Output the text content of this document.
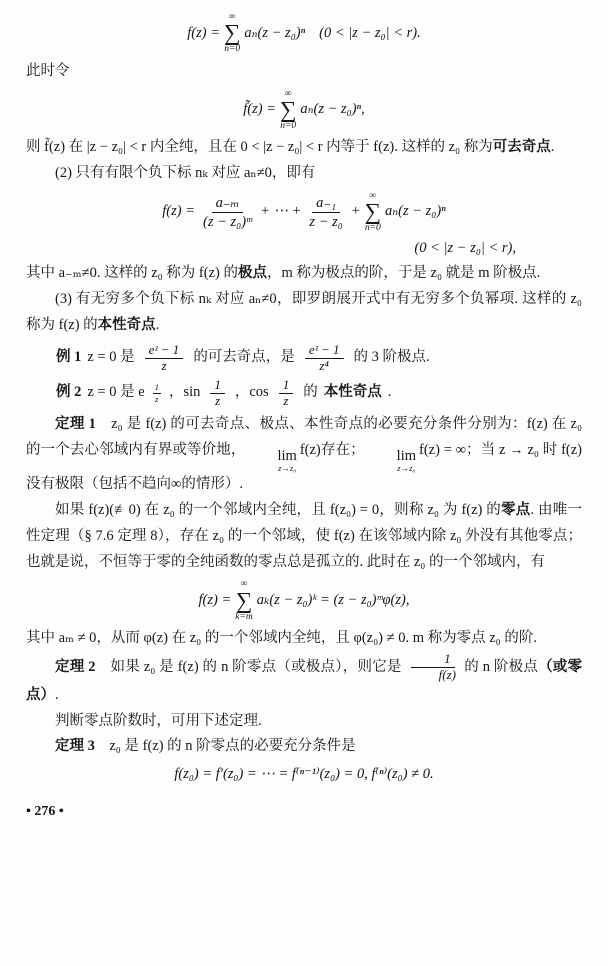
f(z) =
∞
∑
n=0
aₙ(z − z₀)ⁿ (0 < |z − z₀| < r).

此时令

f̃(z) =
∞
∑
n=0
aₙ(z − z₀)ⁿ,

则 f̃(z) 在 |z − z₀| < r 内全纯，且在 0 < |z − z₀| < r 内等于 f(z). 这样的 z₀ 称为可去奇点.

(2) 只有有限个负下标 nₖ 对应 aₙ≠0，即有

$f(z) = \frac{\text{a₋ₘ}}{\text{(z − z₀)ᵐ}}$ + ⋯ + $\frac{\text{a₋₁}}{\text{z − z₀}}$ +
∞
∑
n=0
aₙ(z − z₀)ⁿ
(0 < |z − z₀| < r),

其中 a₋ₘ≠0. 这样的 z₀ 称为 f(z) 的极点，m 称为极点的阶，于是 z₀ 就是 m 阶极点.

(3) 有无穷多个负下标 nₖ 对应 aₙ≠0，即罗朗展开式中有无穷多个负幂项. 这样的 z₀ 称为 f(z) 的本性奇点.

例 1 z = 0 是 $\frac{\text{eᶻ − 1}}{z}$ 的可去奇点，是 $\frac{\text{eᶻ − 1}}{\text{z⁴}}$ 的 3 阶极点.
例 2 z = 0 是 e $\frac{1}{z}$ ，$\sin \frac{1}{z}$ ，$\cos \frac{1}{z}$ 的 本性奇点 .

定理 1　 z₀ 是 f(z) 的可去奇点、极点、本性奇点的必要充分条件分别为：f(z) 在 z₀ 的一个去心邻域内有界或等价地，	lim
z→z₀
f(z)存在；	lim
z→z₀
f(z) = ∞；当 z → z₀ 时 f(z) 没有极限（包括不趋向∞的情形）.

如果 f(z)(≢0) 在 z₀ 的一个邻域内全纯，且 f(z₀) = 0，则称 z₀ 为 f(z) 的零点. 由唯一性定理（§ 7.6 定理 8），存在 z₀ 的一个邻域，使 f(z) 在该邻域内除 z₀ 外没有其他零点；也就是说，不恒等于零的全纯函数的零点总是孤立的. 此时在 z₀ 的一个邻域内，有

f(z) =
∞
∑
k=m
aₖ(z − z₀)ᵏ = (z − z₀)ᵐφ(z),

其中 aₘ ≠ 0，从而 φ(z) 在 z₀ 的一个邻域内全纯，且 φ(z₀) ≠ 0. m 称为零点 z₀ 的阶.

定理 2　 如果 z₀ 是 f(z) 的 n 阶零点（或极点），则它是 $\frac{1}{f(z)}$ 的 n 阶极点（或零点）.

判断零点阶数时，可用下述定理.

定理 3　 z₀ 是 f(z) 的 n 阶零点的必要充分条件是

f(z₀) = f′(z₀) = ⋯ = f⁽ⁿ⁻¹⁾(z₀) = 0, f⁽ⁿ⁾(z₀) ≠ 0.
• 276 •
